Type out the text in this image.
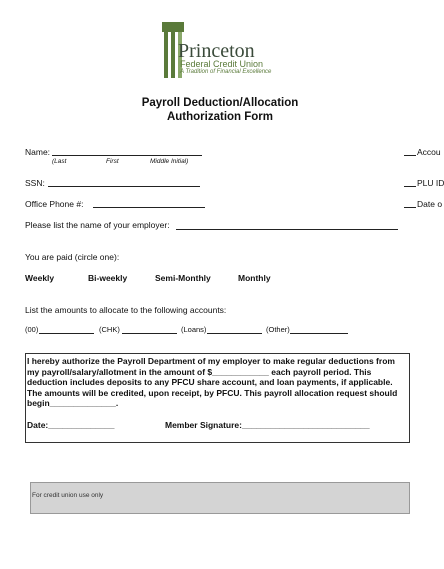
Princeton
Federal Credit Union
A Tradition of Financial Excellence
Payroll Deduction/Allocation
Authorization Form
Name:
(Last	First	Middle Initial)
Accou
SSN:	PLU ID
Office Phone #:	Date o
Please list the name of your employer:
You are paid (circle one):
Weekly	Bi-weekly	Semi-Monthly	Monthly
List the amounts to allocate to the following accounts:
(00)	(CHK)	(Loans)	(Other)
I hereby authorize the Payroll Department of my employer to make regular deductions from my payroll/salary/allotment in the amount of $____________ each payroll period. This deduction includes deposits to any PFCU share account, and loan payments, if applicable. The amounts will be credited, upon receipt, by PFCU. This payroll allocation request should begin______________.
Date:______________	Member Signature:___________________________
For credit union use only
